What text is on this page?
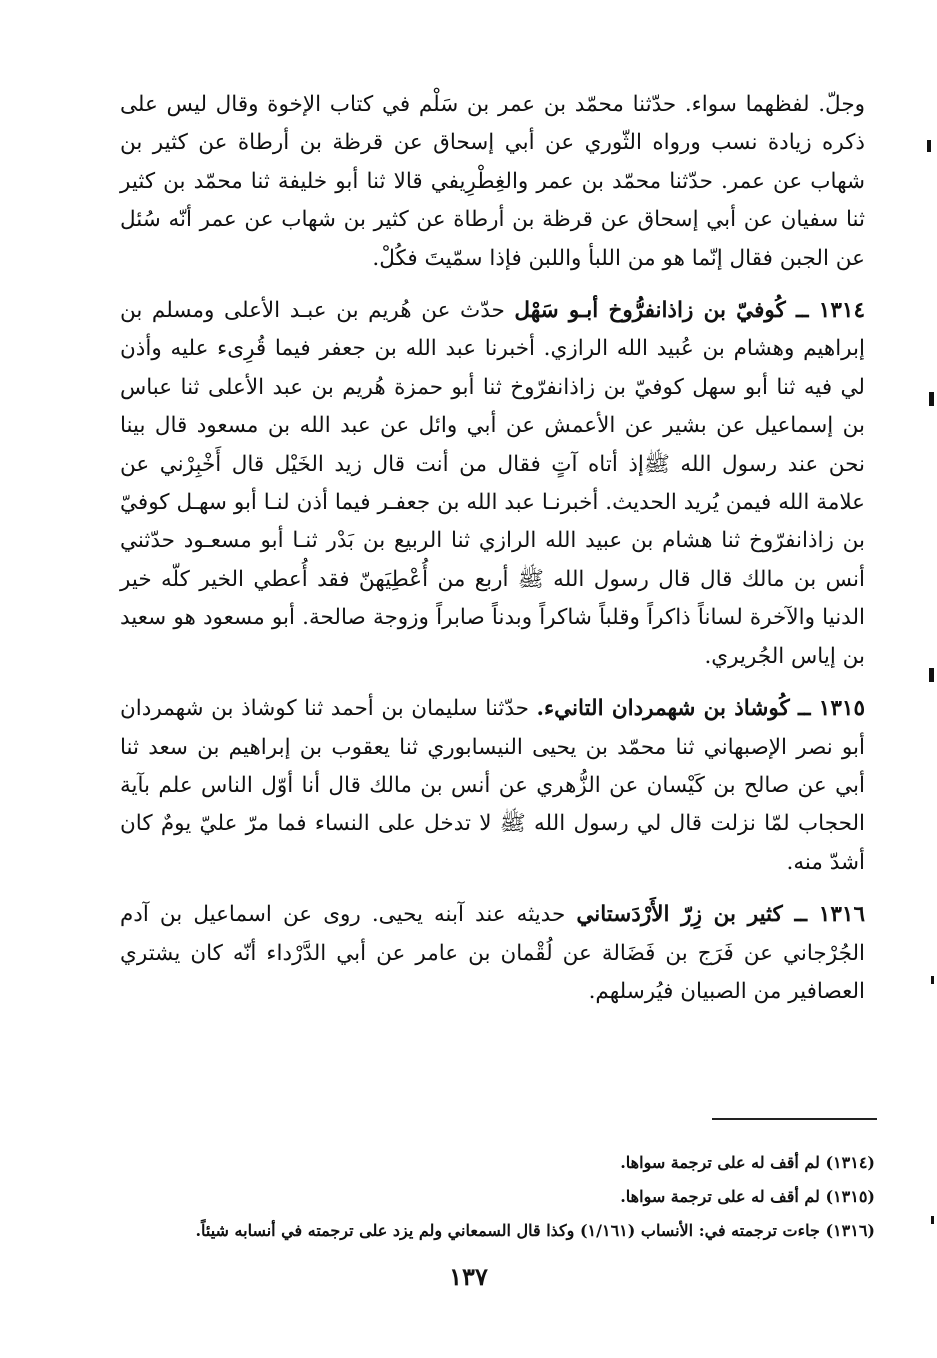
وجلّ. لفظهما سواء. حدّثنا محمّد بن عمر بن سَلْم في كتاب الإخوة وقال ليس على ذكره زيادة نسب ورواه الثّوري عن أبي إسحاق عن قرظة بن أرطاة عن كثير بن شهاب عن عمر. حدّثنا محمّد بن عمر والغِطْرِيفي قالا ثنا أبو خليفة ثنا محمّد بن كثير ثنا سفيان عن أبي إسحاق عن قرظة بن أرطاة عن كثير بن شهاب عن عمر أنّه سُئل عن الجبن فقال إنّما هو من اللبأ واللبن فإذا سمّيتَ فكُلْ.

١٣١٤ ــ كُوفيّ بن زاذانفرُّوخ أبـو سَهْل حدّث عن هُريم بن عبـد الأعلى ومسلم بن إبراهيم وهشام بن عُبيد الله الرازي. أخبرنا عبد الله بن جعفر فيما قُرِىء عليه وأذن لي فيه ثنا أبو سهل كوفيّ بن زاذانفرّوخ ثنا أبو حمزة هُريم بن عبد الأعلى ثنا عباس بن إسماعيل عن بشير عن الأعمش عن أبي وائل عن عبد الله بن مسعود قال بينا نحن عند رسول الله ﷺإذ أتاه آتٍ فقال من أنت قال زيد الخَيْل قال أَخْبِرْني عن علامة الله فيمن يُريد الحديث. أخبرنـا عبد الله بن جعفـر فيما أذن لنـا أبو سهـل كوفيّ بن زاذانفرّوخ ثنا هشام بن عبيد الله الرازي ثنا الربيع بن بَدْر ثنـا أبو مسعـود حدّثني أنس بن مالك قال قال رسول الله ﷺ أربع من أُعْطِيَهنّ فقد أُعطي الخير كلّه خير الدنيا والآخرة لساناً ذاكراً وقلباً شاكراً وبدناً صابراً وزوجة صالحة. أبو مسعود هو سعيد بن إياس الجُريري.

١٣١٥ ــ كُوشاذ بن شهمردان التانيء. حدّثنا سليمان بن أحمد ثنا كوشاذ بن شهمردان أبو نصر الإصبهاني ثنا محمّد بن يحيى النيسابوري ثنا يعقوب بن إبراهيم بن سعد ثنا أبي عن صالح بن كَيْسان عن الزُّهري عن أنس بن مالك قال أنا أوّل الناس علم بآية الحجاب لمّا نزلت قال لي رسول الله ﷺ لا تدخل على النساء فما مرّ عليّ يومٌ كان أشدّ منه.

١٣١٦ ــ كثير بن زِرّ الأَرْدَستاني حديثه عند آبنه يحيى. روى عن اسماعيل بن آدم الجُرْجاني عن فَرَج بن فَضَالة عن لُقْمان بن عامر عن أبي الدَّرْداء أنّه كان يشتري العصافير من الصبيان فيُرسلهم.

(١٣١٤) لم أقف له على ترجمة سواها.

(١٣١٥) لم أقف له على ترجمة سواها.

(١٣١٦) جاءت ترجمته في: الأنساب (١/١٦١) وكذا قال السمعاني ولم يزد على ترجمته في أنسابه شيئاً.

١٣٧
